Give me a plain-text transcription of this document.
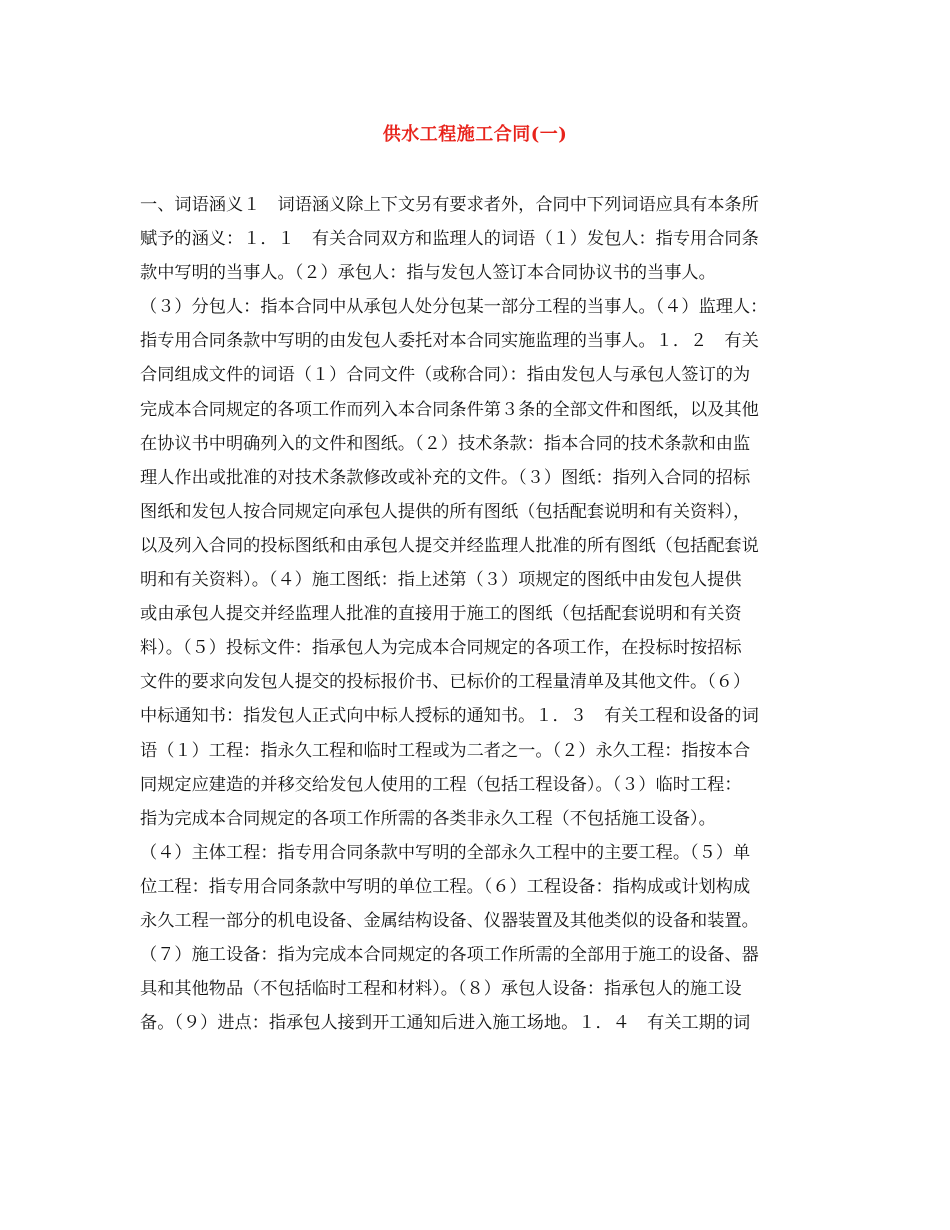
供水工程施工合同(一)
一、词语涵义１　词语涵义除上下文另有要求者外，合同中下列词语应具有本条所
赋予的涵义：１．１　有关合同双方和监理人的词语（１）发包人：指专用合同条
款中写明的当事人。（２）承包人：指与发包人签订本合同协议书的当事人。
（３）分包人：指本合同中从承包人处分包某一部分工程的当事人。（４）监理人：
指专用合同条款中写明的由发包人委托对本合同实施监理的当事人。１．２　有关
合同组成文件的词语（１）合同文件（或称合同）：指由发包人与承包人签订的为
完成本合同规定的各项工作而列入本合同条件第３条的全部文件和图纸，以及其他
在协议书中明确列入的文件和图纸。（２）技术条款：指本合同的技术条款和由监
理人作出或批准的对技术条款修改或补充的文件。（３）图纸：指列入合同的招标
图纸和发包人按合同规定向承包人提供的所有图纸（包括配套说明和有关资料），
以及列入合同的投标图纸和由承包人提交并经监理人批准的所有图纸（包括配套说
明和有关资料）。（４）施工图纸：指上述第（３）项规定的图纸中由发包人提供
或由承包人提交并经监理人批准的直接用于施工的图纸（包括配套说明和有关资
料）。（５）投标文件：指承包人为完成本合同规定的各项工作，在投标时按招标
文件的要求向发包人提交的投标报价书、已标价的工程量清单及其他文件。（６）
中标通知书：指发包人正式向中标人授标的通知书。１．３　有关工程和设备的词
语（１）工程：指永久工程和临时工程或为二者之一。（２）永久工程：指按本合
同规定应建造的并移交给发包人使用的工程（包括工程设备）。（３）临时工程：
指为完成本合同规定的各项工作所需的各类非永久工程（不包括施工设备）。
（４）主体工程：指专用合同条款中写明的全部永久工程中的主要工程。（５）单
位工程：指专用合同条款中写明的单位工程。（６）工程设备：指构成或计划构成
永久工程一部分的机电设备、金属结构设备、仪器装置及其他类似的设备和装置。
（７）施工设备：指为完成本合同规定的各项工作所需的全部用于施工的设备、器
具和其他物品（不包括临时工程和材料）。（８）承包人设备：指承包人的施工设
备。（９）进点：指承包人接到开工通知后进入施工场地。１．４　有关工期的词
